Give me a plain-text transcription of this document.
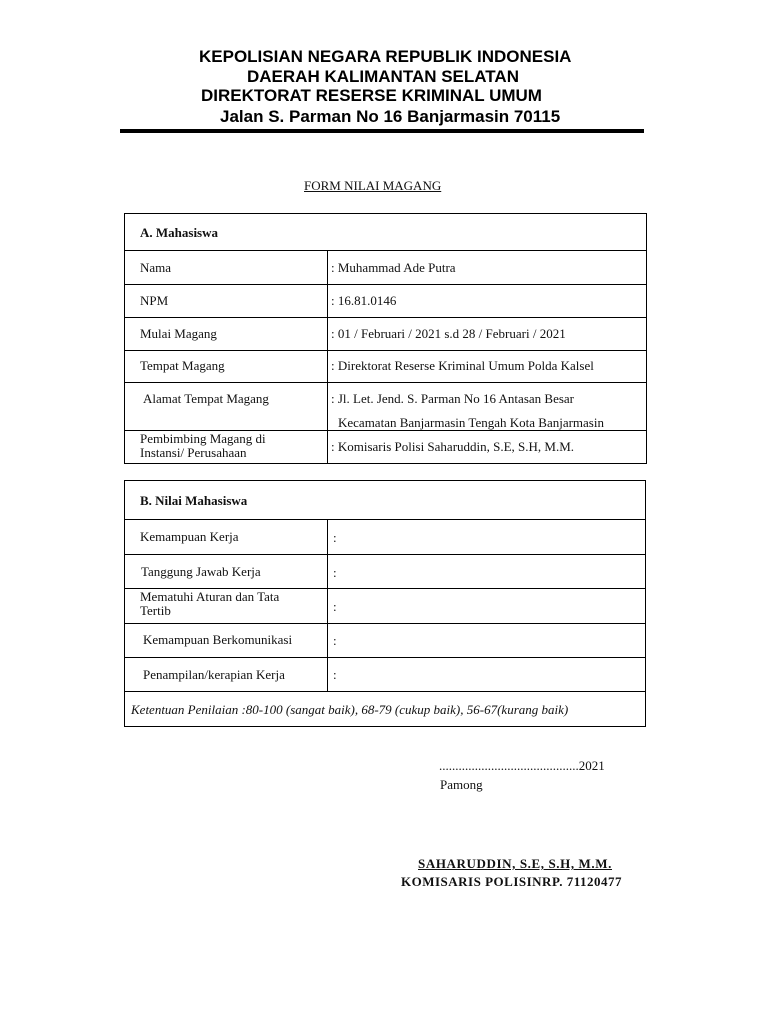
KEPOLISIAN NEGARA REPUBLIK INDONESIA
DAERAH KALIMANTAN SELATAN
DIREKTORAT RESERSE KRIMINAL UMUM
Jalan S. Parman No 16 Banjarmasin 70115
FORM NILAI MAGANG
A. Mahasiswa
Nama	: Muhammad Ade Putra
NPM	: 16.81.0146
Mulai Magang	: 01 / Februari / 2021 s.d 28 / Februari / 2021
Tempat Magang	: Direktorat Reserse Kriminal Umum Polda Kalsel
Alamat Tempat Magang	: Jl. Let. Jend. S. Parman No 16 Antasan Besar
Kecamatan Banjarmasin Tengah Kota Banjarmasin
Pembimbing Magang di
Instansi/ Perusahaan	: Komisaris Polisi Saharuddin, S.E, S.H, M.M.
B. Nilai Mahasiswa
Kemampuan Kerja	:
Tanggung Jawab Kerja	:
Mematuhi Aturan dan Tata
Tertib	:
Kemampuan Berkomunikasi	:
Penampilan/kerapian Kerja	:
Ketentuan Penilaian :80-100 (sangat baik), 68-79 (cukup baik), 56-67(kurang baik)
...........................................2021
Pamong
SAHARUDDIN, S.E, S.H, M.M.
KOMISARIS POLISINRP. 71120477
